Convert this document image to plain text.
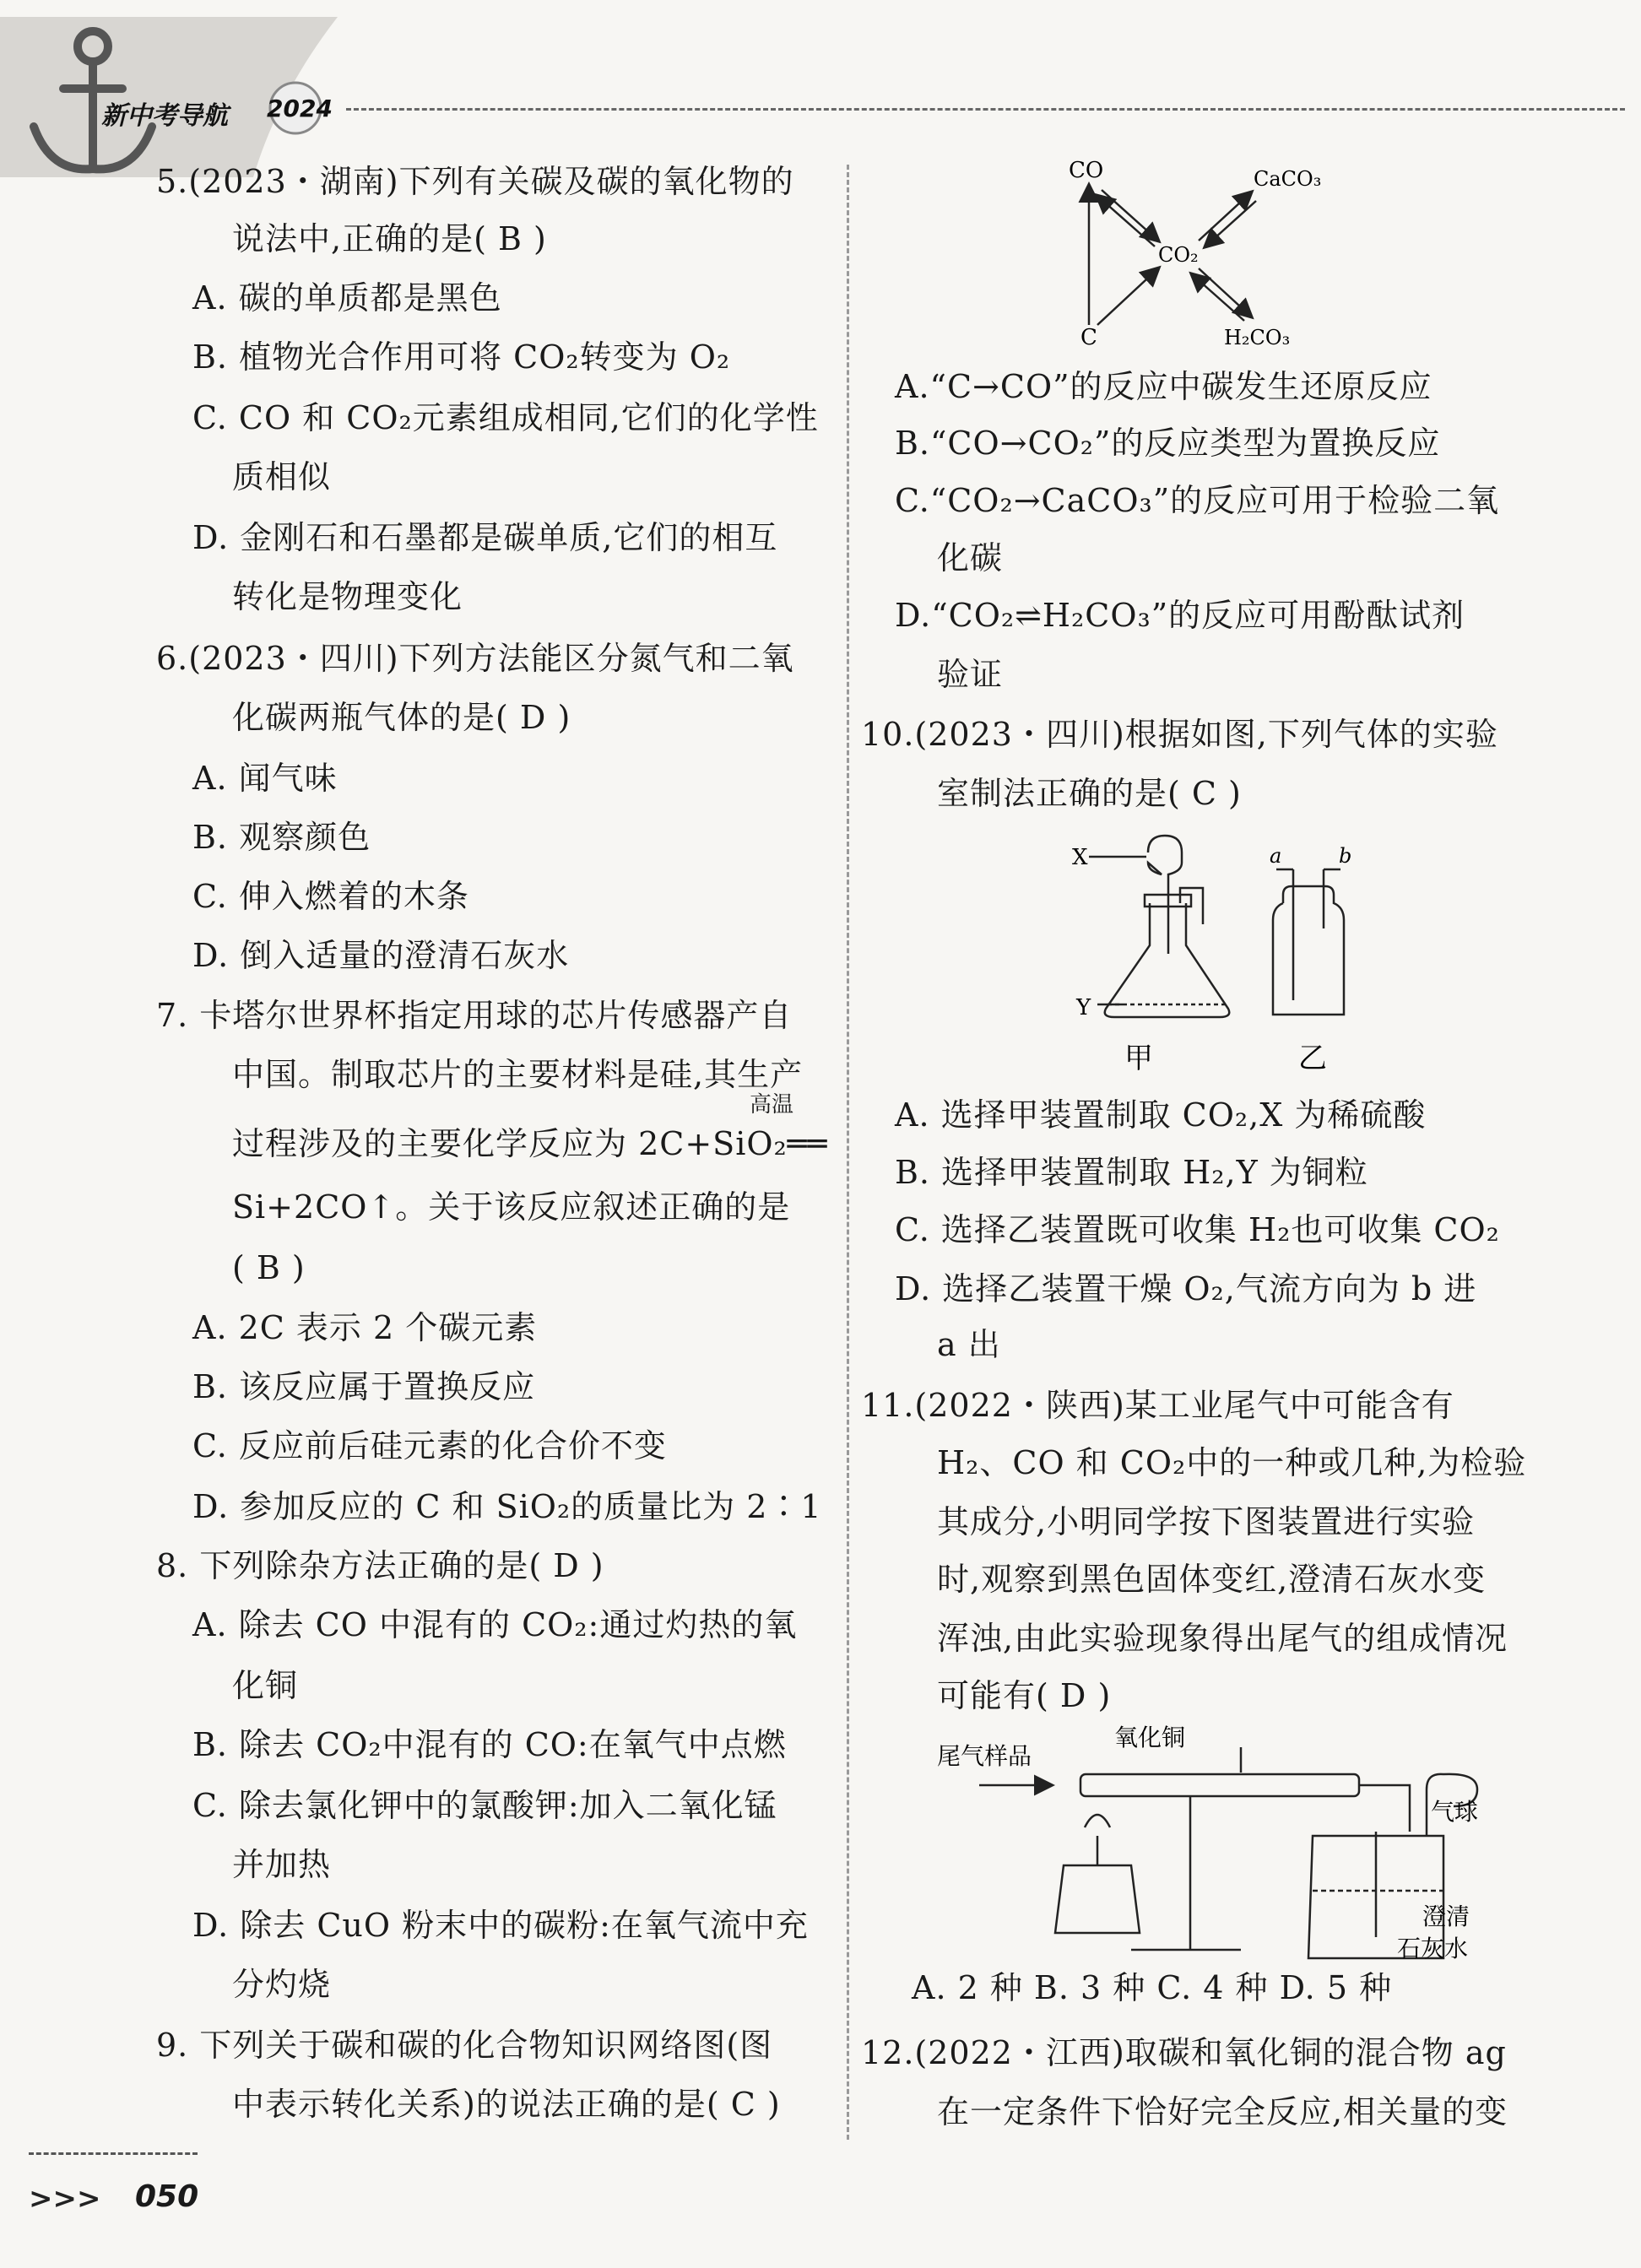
新中考导航 2024
5.(2023・湖南)下列有关碳及碳的氧化物的
说法中,正确的是( B )
A. 碳的单质都是黑色
B. 植物光合作用可将 CO₂转变为 O₂
C. CO 和 CO₂元素组成相同,它们的化学性
质相似
D. 金刚石和石墨都是碳单质,它们的相互
转化是物理变化
6.(2023・四川)下列方法能区分氮气和二氧
化碳两瓶气体的是( D )
A. 闻气味
B. 观察颜色
C. 伸入燃着的木条
D. 倒入适量的澄清石灰水
7. 卡塔尔世界杯指定用球的芯片传感器产自
中国。制取芯片的主要材料是硅,其生产
过程涉及的主要化学反应为 2C+SiO₂══
Si+2CO↑。关于该反应叙述正确的是
( B )
A. 2C 表示 2 个碳元素
B. 该反应属于置换反应
C. 反应前后硅元素的化合价不变
D. 参加反应的 C 和 SiO₂的质量比为 2∶1
8. 下列除杂方法正确的是( D )
A. 除去 CO 中混有的 CO₂:通过灼热的氧
化铜
B. 除去 CO₂中混有的 CO:在氧气中点燃
C. 除去氯化钾中的氯酸钾:加入二氧化锰
并加热
D. 除去 CuO 粉末中的碳粉:在氧气流中充
分灼烧
9. 下列关于碳和碳的化合物知识网络图(图
中表示转化关系)的说法正确的是( C )
A.“C→CO”的反应中碳发生还原反应
B.“CO→CO₂”的反应类型为置换反应
C.“CO₂→CaCO₃”的反应可用于检验二氧
化碳
D.“CO₂⇌H₂CO₃”的反应可用酚酞试剂
验证
10.(2023・四川)根据如图,下列气体的实验
室制法正确的是( C )
A. 选择甲装置制取 CO₂,X 为稀硫酸
B. 选择甲装置制取 H₂,Y 为铜粒
C. 选择乙装置既可收集 H₂也可收集 CO₂
D. 选择乙装置干燥 O₂,气流方向为 b 进
a 出
11.(2022・陕西)某工业尾气中可能含有
H₂、CO 和 CO₂中的一种或几种,为检验
其成分,小明同学按下图装置进行实验
时,观察到黑色固体变红,澄清石灰水变
浑浊,由此实验现象得出尾气的组成情况
可能有( D )
A. 2 种 B. 3 种 C. 4 种 D. 5 种
12.(2022・江西)取碳和氧化铜的混合物 ag
在一定条件下恰好完全反应,相关量的变
高温
CO	CaCO₃
CO₂
C	H₂CO₃
X
Y
a	b
甲	乙
尾气样品
氧化铜
气球
澄清
石灰水
>>> 050
